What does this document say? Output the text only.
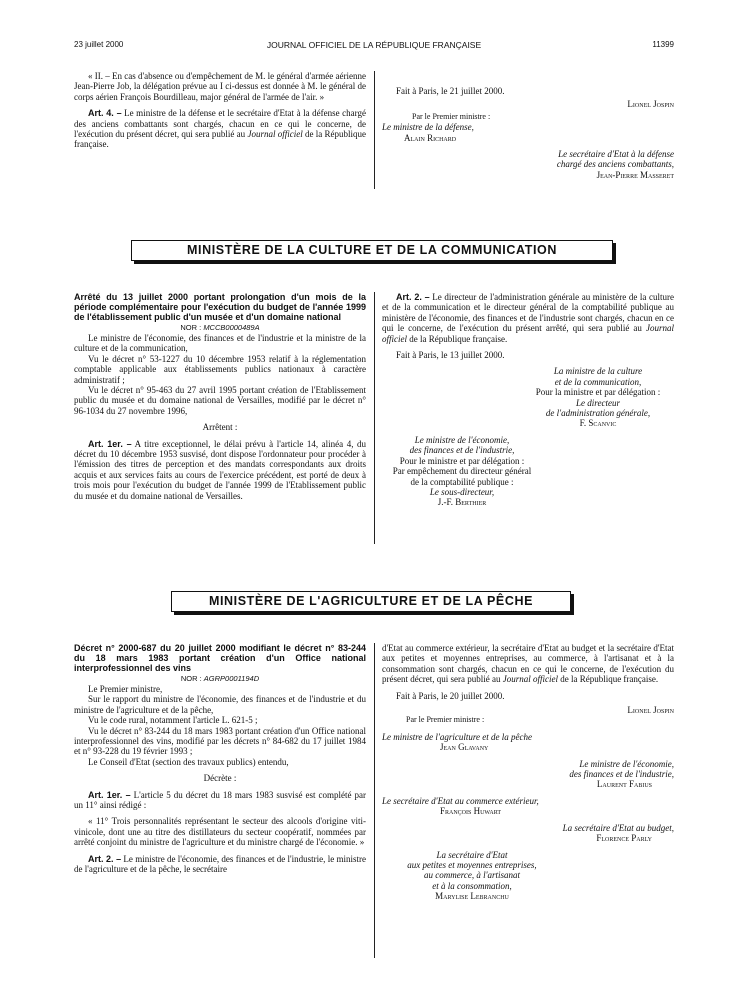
23 juillet 2000	JOURNAL OFFICIEL DE LA RÉPUBLIQUE FRANÇAISE	11399

« II. – En cas d'absence ou d'empêchement de M. le général d'armée aérienne Jean-Pierre Job, la délégation prévue au I ci-dessus est donnée à M. le général de corps aérien François Bourdilleau, major général de l'armée de l'air. »

Art. 4. – Le ministre de la défense et le secrétaire d'Etat à la défense chargé des anciens combattants sont chargés, chacun en ce qui le concerne, de l'exécution du présent décret, qui sera publié au Journal officiel de la République française.

Fait à Paris, le 21 juillet 2000.

Lionel Jospin

Par le Premier ministre :

Le ministre de la défense,

Alain Richard

Le secrétaire d'Etat à la défense

chargé des anciens combattants,

Jean-Pierre Masseret

MINISTÈRE DE LA CULTURE ET DE LA COMMUNICATION

Arrêté du 13 juillet 2000 portant prolongation d'un mois de la période complémentaire pour l'exécution du budget de l'année 1999 de l'établissement public d'un musée et d'un domaine national

NOR : MCCB0000489A

Le ministre de l'économie, des finances et de l'industrie et la ministre de la culture et de la communication,

Vu le décret n° 53-1227 du 10 décembre 1953 relatif à la réglementation comptable applicable aux établissements publics nationaux à caractère administratif ;

Vu le décret n° 95-463 du 27 avril 1995 portant création de l'Etablissement public du musée et du domaine national de Versailles, modifié par le décret n° 96-1034 du 27 novembre 1996,

Arrêtent :

Art. 1er. – A titre exceptionnel, le délai prévu à l'article 14, alinéa 4, du décret du 10 décembre 1953 susvisé, dont dispose l'ordonnateur pour procéder à l'émission des titres de perception et des mandats correspondants aux droits acquis et aux services faits au cours de l'exercice précédent, est porté de deux à trois mois pour l'exécution du budget de l'année 1999 de l'Etablissement public du musée et du domaine national de Versailles.

Art. 2. – Le directeur de l'administration générale au ministère de la culture et de la communication et le directeur général de la comptabilité publique au ministère de l'économie, des finances et de l'industrie sont chargés, chacun en ce qui le concerne, de l'exécution du présent arrêté, qui sera publié au Journal officiel de la République française.

Fait à Paris, le 13 juillet 2000.

La ministre de la culture

et de la communication,

Pour la ministre et par délégation :

Le directeur

de l'administration générale,

F. Scanvic

Le ministre de l'économie,

des finances et de l'industrie,

Pour le ministre et par délégation :

Par empêchement du directeur général

de la comptabilité publique :

Le sous-directeur,

J.-F. Berthier

MINISTÈRE DE L'AGRICULTURE ET DE LA PÊCHE

Décret n° 2000-687 du 20 juillet 2000 modifiant le décret n° 83-244 du 18 mars 1983 portant création d'un Office national interprofessionnel des vins

NOR : AGRP0001194D

Le Premier ministre,

Sur le rapport du ministre de l'économie, des finances et de l'industrie et du ministre de l'agriculture et de la pêche,

Vu le code rural, notamment l'article L. 621-5 ;

Vu le décret n° 83-244 du 18 mars 1983 portant création d'un Office national interprofessionnel des vins, modifié par les décrets n° 84-682 du 17 juillet 1984 et n° 93-228 du 19 février 1993 ;

Le Conseil d'Etat (section des travaux publics) entendu,

Décrète :

Art. 1er. – L'article 5 du décret du 18 mars 1983 susvisé est complété par un 11° ainsi rédigé :

« 11° Trois personnalités représentant le secteur des alcools d'origine viti-vinicole, dont une au titre des distillateurs du secteur coopératif, nommées par arrêté conjoint du ministre de l'agriculture et du ministre chargé de l'économie. »

Art. 2. – Le ministre de l'économie, des finances et de l'industrie, le ministre de l'agriculture et de la pêche, le secrétaire

d'Etat au commerce extérieur, la secrétaire d'Etat au budget et la secrétaire d'Etat aux petites et moyennes entreprises, au commerce, à l'artisanat et à la consommation sont chargés, chacun en ce qui le concerne, de l'exécution du présent décret, qui sera publié au Journal officiel de la République française.

Fait à Paris, le 20 juillet 2000.

Lionel Jospin

Par le Premier ministre :

Le ministre de l'agriculture et de la pêche

Jean Glavany

Le ministre de l'économie,

des finances et de l'industrie,

Laurent Fabius

Le secrétaire d'Etat au commerce extérieur,

François Huwart

La secrétaire d'Etat au budget,

Florence Parly

La secrétaire d'Etat

aux petites et moyennes entreprises,

au commerce, à l'artisanat

et à la consommation,

Marylise Lebranchu
